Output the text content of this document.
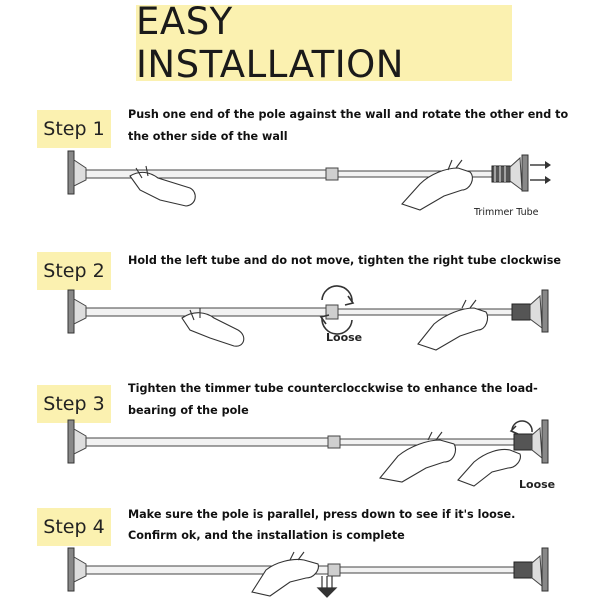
EASY INSTALLATION
Step 1
Push one end of the pole against the wall and rotate the other end to the other side of the wall
Trimmer Tube
Step 2	Hold the left tube and do not move, tighten the right tube clockwise
Loose
Step 3
Tighten the timmer tube counterclocckwise to enhance the load-bearing of the pole
Loose
Step 4
Make sure the pole is parallel, press down to see if it's loose.
Confirm ok, and the installation is complete
